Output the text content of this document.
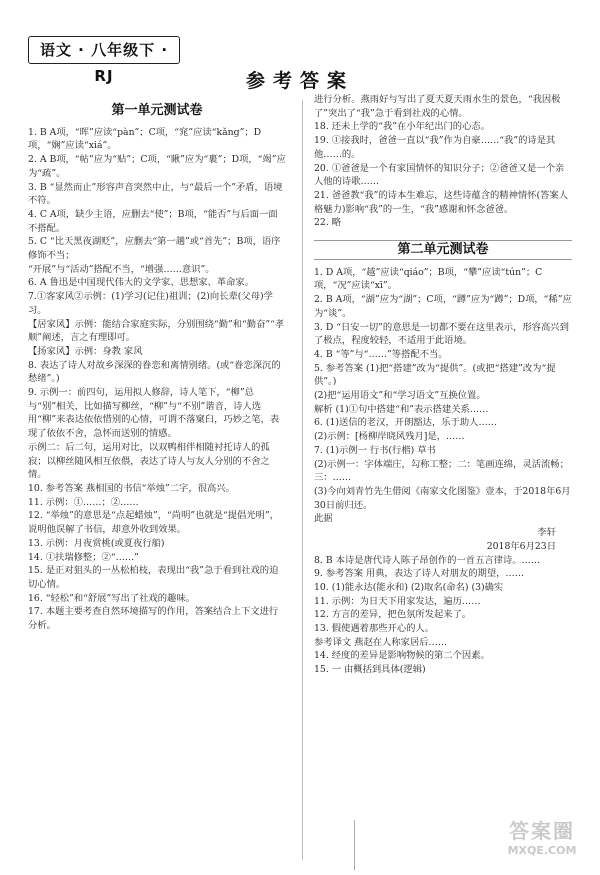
语文 · 八年级下 · RJ	参考答案
第一单元测试卷

1. B A项，“晖”应读“pàn”；C项，“窕”应读“kǎng”；D项，“娴”应读“xiá”。

2. A B项，“帖”应为“贴”；C项，“瞅”应为“裹”；D项，“竭”应为“疏”。

3. B “显然而止”形容声音突然中止，与“最后一个”矛盾，语境不符。

4. C A项，缺少主语，应删去“使”；B项，“能否”与后面一面不搭配。

5. C “比天黑夜湖贬”，应删去“第一趟”或“首先”；B项，语序修饰不当；

“开展”与“活动”搭配不当，“增强……意识”。

6. A 鲁迅是中国现代伟大的文学家、思想家、革命家。

7.①客家风②示例：(1)学习(记住)祖训；(2)向长辈(父母)学习。

【居家风】示例：能结合家庭实际，分别围绕“勤”和“勤奋”“孝顺”阐述，言之有理即可。

【扬家风】示例：身教 家风

8. 表达了诗人对故乡深深的眷恋和离情别绪。(或“眷恋深沉的愁绪”。)

9. 示例一：前四句，运用拟人修辞，诗人笔下，“柳”总与“别”相关，比如描写柳丝，“柳”与“不别”谐音，诗人选用“柳”来表达依依惜别的心情，可谓不落窠臼，巧妙之笔，表现了依依不舍，急怀而送别的情感。

示例二：后二句，运用对比，以双鸭相伴相随衬托诗人的孤寂；以柳丝随风相互依偎，表达了诗人与友人分别的不舍之情。

10. 参考答案 燕相国的书信“举烛”二字，很高兴。

11. 示例：①……；②……

12. “举烛”的意思是“点起蜡烛”，“尚明”也就是“提倡光明”，说明他误解了书信，却意外收到效果。

13. 示例：月夜赏桃(或夏夜行船)

14. ①扶瑞修整；②“……”

15. 是正对狙头的一丛松柏枝，表现出“我”急于看到社戏的迫切心情。

16. “轻松”和“舒展”写出了社戏的趣味。

17. 本题主要考查自然环境描写的作用，答案结合上下文进行分析。

进行分析。燕雨好与写出了夏天夏天雨水生的景色，“我因极了”突出了“我”急于看到社戏的心情。

18. 还未上学的“我”在小年纪出门的心态。

19. ①接我时，爸爸一直以“我”作为自豪……“我”的诗是其他……的。

20. ①爸爸是一个有家国情怀的知识分子；②爸爸又是一个亲人他的诗歌……

21. 爸爸教“我”的诗本生难忘，这些诗蕴含的精神情怀(答案人格魅力)影响“我”的一生，“我”感谢和怀念爸爸。

22. 略

第二单元测试卷

1. D A项，“越”应读“qiáo”；B项，“攀”应读“tún”；C项，“况”应读“xī”。

2. B A项，“湖”应为“湖”；C项，“蹲”应为“蹲”；D项，“稀”应为“谈”。

3. D “日安一切”的意思是一切都不要在这里表示，形容高兴到了极点，程度较轻，不适用于此语境。

4. B “等”与“……”等搭配不当。

5. 参考答案 (1)把“搭建”改为“提供”。(或把“搭建”改为“提供”。)

(2)把“运用语文”和“学习语文”互换位置。

解析 (1)①句中搭建“和”表示搭建关系……

6. (1)送信的老汉，开朗豁达，乐于助人……

(2)示例：[杨柳岸晓风残月]是，……

7. (1)示例一 行书(行楷) 草书

(2)示例一：字体端庄，勾称工整；二：笔画连绵，灵活流畅；三：……

(3)今向刘青竹先生借阅《南家文化图鉴》壹本，于2018年6月30日前归还。

此据

李轩

2018年6月23日

8. B 本诗是唐代诗人陈子昂创作的一首五言律诗。……

9. 参考答案 用典，表达了诗人对朋友的期望，……

10. (1)能永达(能永和) (2)取名(命名) (3)确实

11. 示例：为日天下用家发达，遍历……

12. 方言的差异，把色氛所发起来了。

13. 假使遇着那些开心的人。

参考译文 燕赵在人称家居后……

14. 经度的差异是影响物候的第二个因素。

15. 一 由概括到具体(逻辑)

答案圈
MXQE.COM
